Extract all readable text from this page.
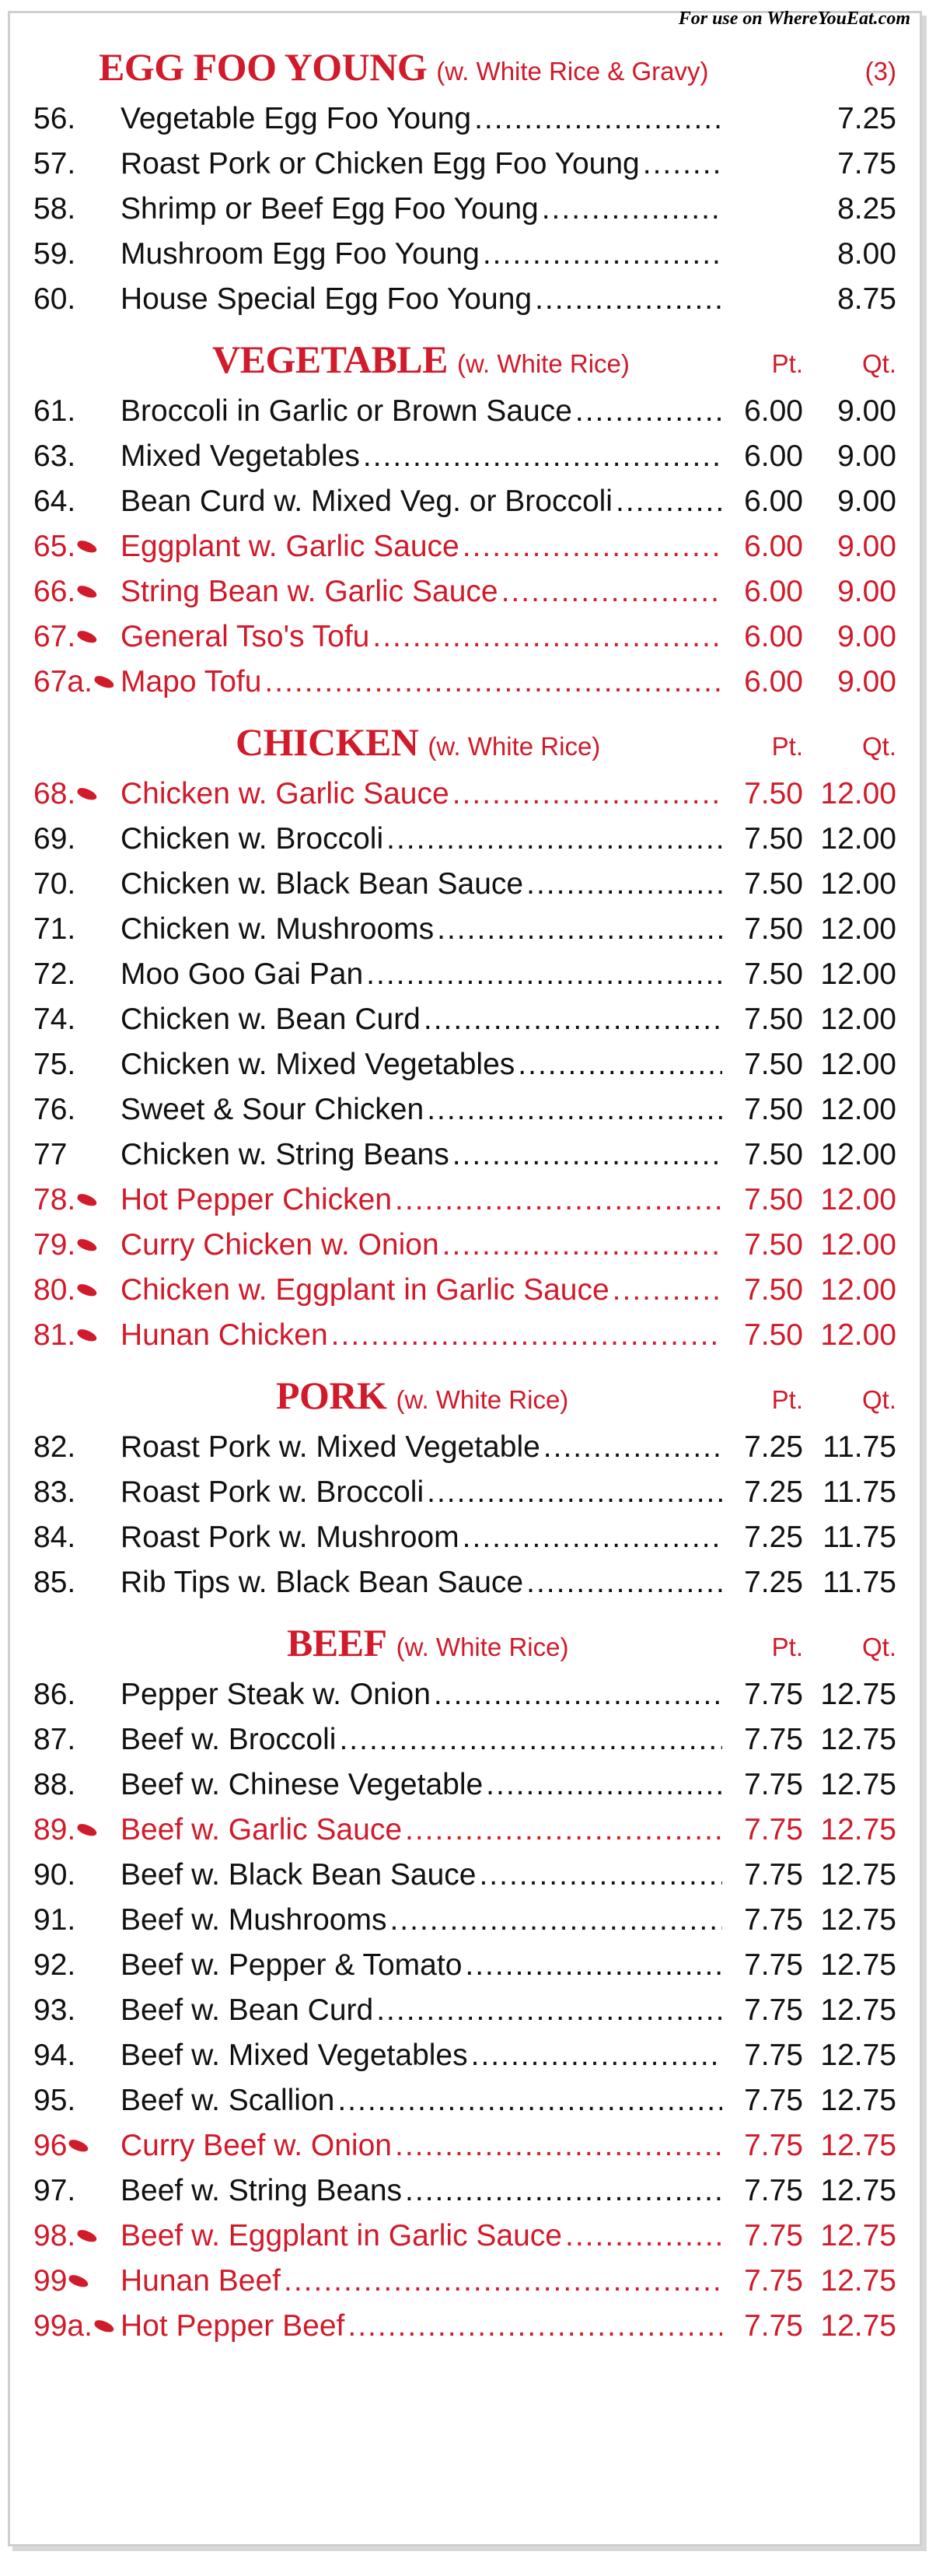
For use on WhereYouEat.com
EGG FOO YOUNG (w. White Rice & Gravy)	(3)
56.	Vegetable Egg Foo Young .....	7.25
57.	Roast Pork or Chicken Egg Foo Young .....	7.75
58.	Shrimp or Beef Egg Foo Young .....	8.25
59.	Mushroom Egg Foo Young .....	8.00
60.	House Special Egg Foo Young .....	8.75
VEGETABLE (w. White Rice)	Pt.	Qt.
61.	Broccoli in Garlic or Brown Sauce .....	6.00	9.00
63.	Mixed Vegetables .....	6.00	9.00
64.	Bean Curd w. Mixed Veg. or Broccoli .....	6.00	9.00
65.	Eggplant w. Garlic Sauce .....	6.00	9.00
66.	String Bean w. Garlic Sauce .....	6.00	9.00
67.	General Tso's Tofu .....	6.00	9.00
67a. Mapo Tofu .....	6.00	9.00
CHICKEN (w. White Rice)	Pt.	Qt.
68.	Chicken w. Garlic Sauce .....	7.50 12.00
69.	Chicken w. Broccoli .....	7.50 12.00
70.	Chicken w. Black Bean Sauce .....	7.50 12.00
71.	Chicken w. Mushrooms .....	7.50 12.00
72.	Moo Goo Gai Pan .....	7.50 12.00
74.	Chicken w. Bean Curd .....	7.50 12.00
75.	Chicken w. Mixed Vegetables .....	7.50 12.00
76.	Sweet & Sour Chicken .....	7.50 12.00
77	Chicken w. String Beans .....	7.50 12.00
78.	Hot Pepper Chicken .....	7.50 12.00
79.	Curry Chicken w. Onion .....	7.50 12.00
80.	Chicken w. Eggplant in Garlic Sauce .....	7.50 12.00
81.	Hunan Chicken .....	7.50 12.00
PORK (w. White Rice)	Pt.	Qt.
82.	Roast Pork w. Mixed Vegetable .....	7.25 11.75
83.	Roast Pork w. Broccoli .....	7.25 11.75
84.	Roast Pork w. Mushroom .....	7.25 11.75
85.	Rib Tips w. Black Bean Sauce .....	7.25 11.75
BEEF (w. White Rice)	Pt.	Qt.
86.	Pepper Steak w. Onion .....	7.75 12.75
87.	Beef w. Broccoli .....	7.75 12.75
88.	Beef w. Chinese Vegetable .....	7.75 12.75
89.	Beef w. Garlic Sauce .....	7.75 12.75
90.	Beef w. Black Bean Sauce .....	7.75 12.75
91.	Beef w. Mushrooms .....	7.75 12.75
92.	Beef w. Pepper & Tomato .....	7.75 12.75
93.	Beef w. Bean Curd .....	7.75 12.75
94.	Beef w. Mixed Vegetables .....	7.75 12.75
95.	Beef w. Scallion .....	7.75 12.75
96	Curry Beef w. Onion .....	7.75 12.75
97.	Beef w. String Beans .....	7.75 12.75
98.	Beef w. Eggplant in Garlic Sauce .....	7.75 12.75
99	Hunan Beef .....	7.75 12.75
99a. Hot Pepper Beef .....	7.75 12.75
